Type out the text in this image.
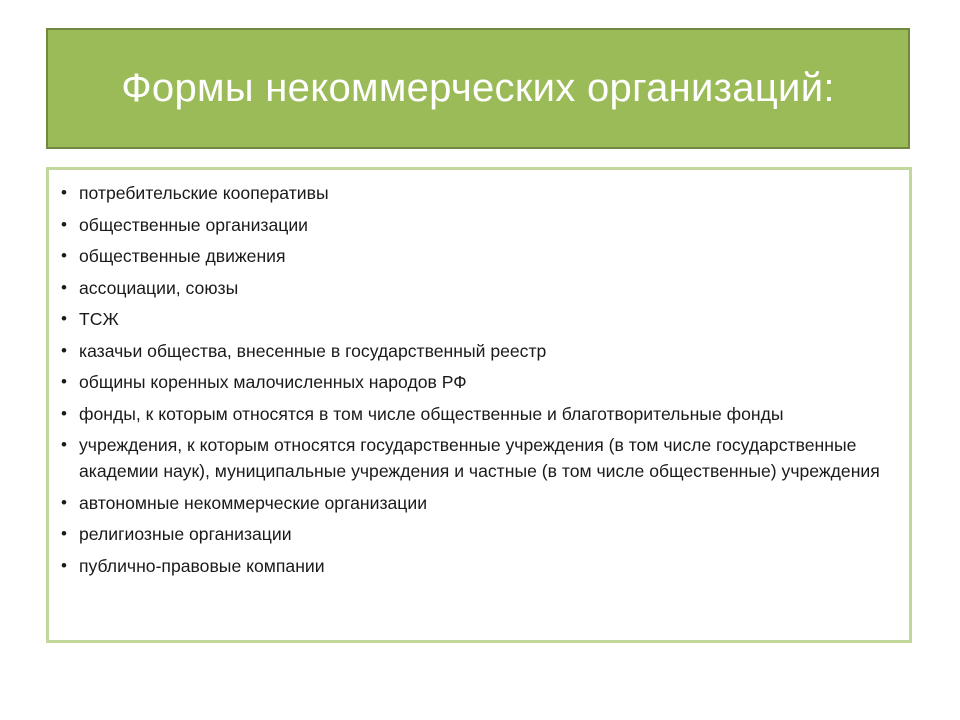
Формы некоммерческих организаций:
• потребительские кооперативы
• общественные организации
• общественные движения
• ассоциации, союзы
• ТСЖ
• казачьи общества, внесенные в государственный реестр
• общины коренных малочисленных народов РФ
• фонды, к которым относятся в том числе общественные и благотворительные фонды
• учреждения, к которым относятся государственные учреждения (в том числе государственные академии наук), муниципальные учреждения и частные (в том числе общественные) учреждения
• автономные некоммерческие организации
• религиозные организации
• публично-правовые компании
